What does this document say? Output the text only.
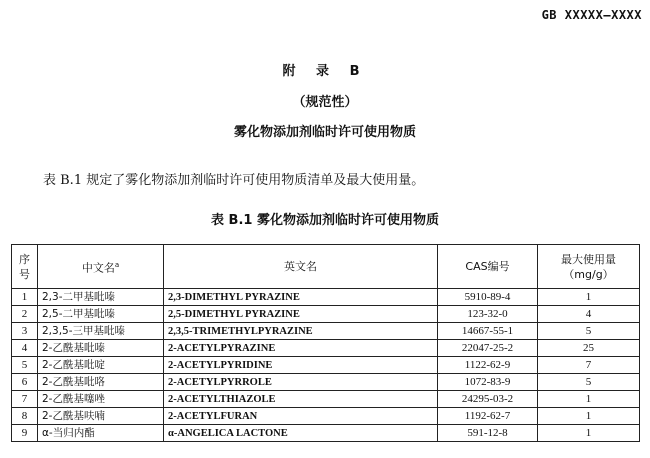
GB XXXXX—XXXX
附 录 B
（规范性）
雾化物添加剂临时许可使用物质
表 B.1 规定了雾化物添加剂临时许可使用物质清单及最大使用量。
表 B.1 雾化物添加剂临时许可使用物质
序号	中文名$^a$	英文名	CAS编号	最大使用量
（mg/g）
1	2,3-二甲基吡嗪	2,3-DIMETHYL PYRAZINE	5910-89-4	1
2	2,5-二甲基吡嗪	2,5-DIMETHYL PYRAZINE	123-32-0	4
3	2,3,5-三甲基吡嗪	2,3,5-TRIMETHYLPYRAZINE	14667-55-1	5
4	2-乙酰基吡嗪	2-ACETYLPYRAZINE	22047-25-2	25
5	2-乙酰基吡啶	2-ACETYLPYRIDINE	1122-62-9	7
6	2-乙酰基吡咯	2-ACETYLPYRROLE	1072-83-9	5
7	2-乙酰基噻唑	2-ACETYLTHIAZOLE	24295-03-2	1
8	2-乙酰基呋喃	2-ACETYLFURAN	1192-62-7	1
9	α-当归内酯	α-ANGELICA LACTONE	591-12-8	1
